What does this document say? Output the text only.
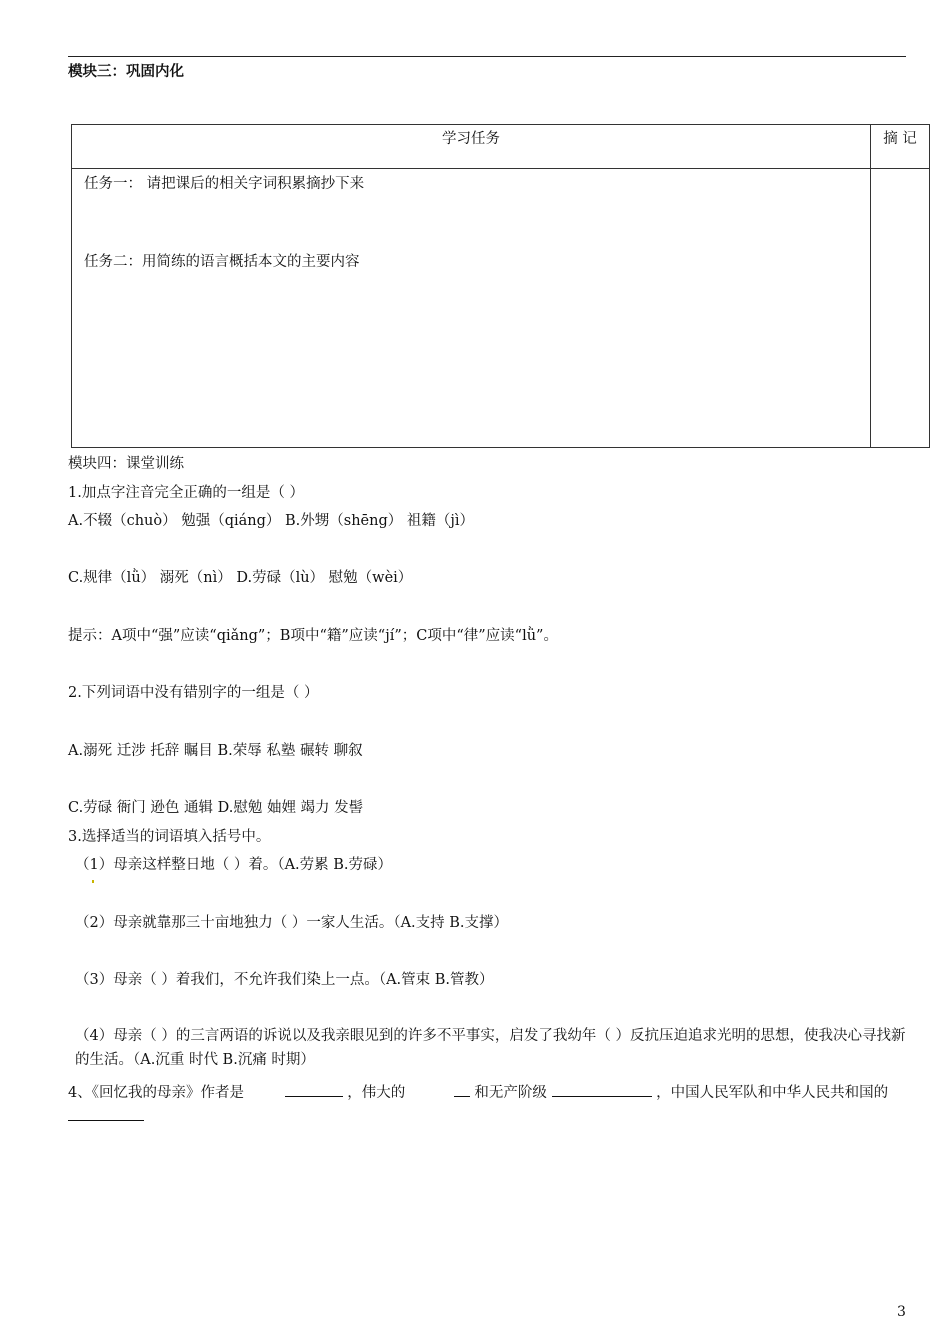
模块三：巩固内化
学习任务	摘 记
任务一： 请把课后的相关字词积累摘抄下来
任务二：用简练的语言概括本文的主要内容
模块四：课堂训练
1.加点字注音完全正确的一组是（ ）
A.不辍（chuò） 勉强（qiáng） B.外甥（shēng） 祖籍（jì）
C.规律（lǜ） 溺死（nì） D.劳碌（lù） 慰勉（wèi）
提示：A项中“强”应读“qiǎng”；B项中“籍”应读“jí”；C项中“律”应读“lǜ”。
2.下列词语中没有错别字的一组是（ ）
A.溺死 迁涉 托辞 瞩目 B.荣辱 私塾 碾转 聊叙
C.劳碌 衙门 逊色 通辑 D.慰勉 妯娌 竭力 发髻
3.选择适当的词语填入括号中。
（1）母亲这样整日地（ ）着。（A.劳累 B.劳碌）
（2）母亲就靠那三十亩地独力（ ）一家人生活。（A.支持 B.支撑）
（3）母亲（ ）着我们，不允许我们染上一点。（A.管束 B.管教）
（4）母亲（ ）的三言两语的诉说以及我亲眼见到的许多不平事实，启发了我幼年（ ）反抗压迫追求光明的思想，使我决心寻找新的生活。（A.沉重 时代 B.沉痛 时期）
4、《回忆我的母亲》作者是	，伟大的	和无产阶级	，中国人民军队和中华人民共和国的
3
